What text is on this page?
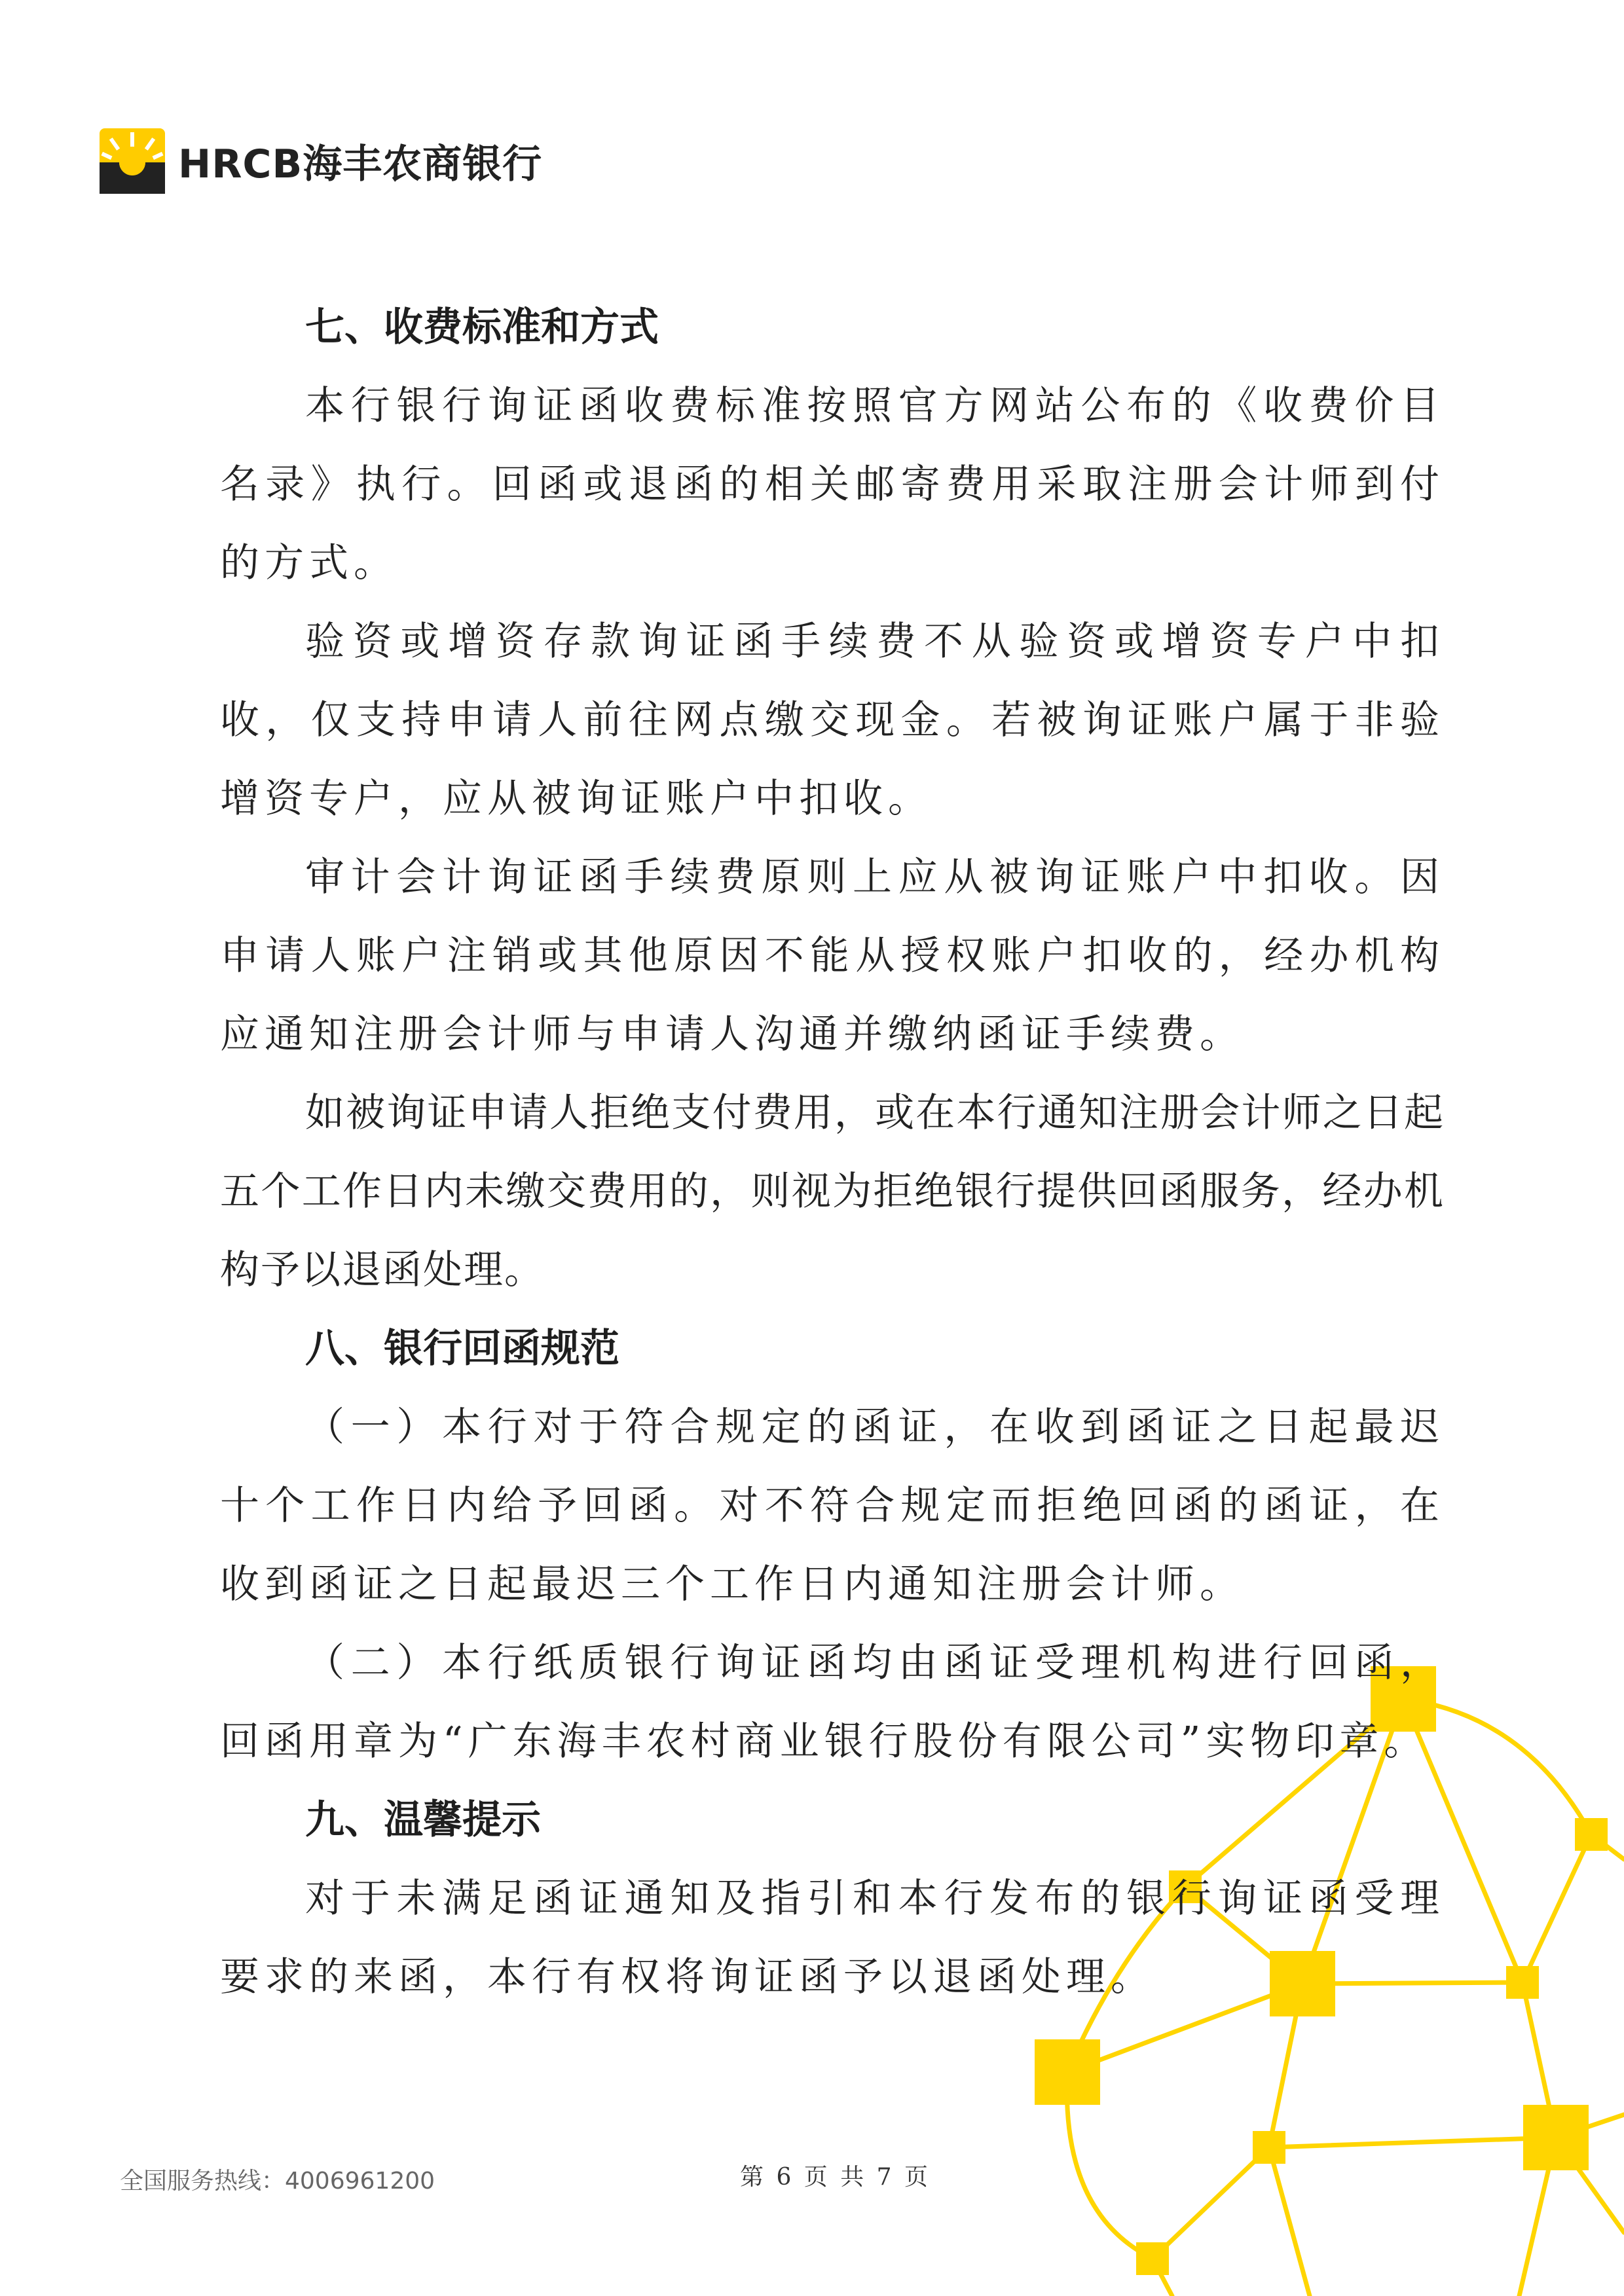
HRCB海丰农商银行
七、收费标准和方式

本行银行询证函收费标准按照官方网站公布的《收费价目名录》执行。回函或退函的相关邮寄费用采取注册会计师到付的方式。

验资或增资存款询证函手续费不从验资或增资专户中扣收，仅支持申请人前往网点缴交现金。若被询证账户属于非验增资专户，应从被询证账户中扣收。

审计会计询证函手续费原则上应从被询证账户中扣收。因申请人账户注销或其他原因不能从授权账户扣收的，经办机构应通知注册会计师与申请人沟通并缴纳函证手续费。

如被询证申请人拒绝支付费用，或在本行通知注册会计师之日起五个工作日内未缴交费用的，则视为拒绝银行提供回函服务，经办机构予以退函处理。

八、银行回函规范

（一）本行对于符合规定的函证，在收到函证之日起最迟十个工作日内给予回函。对不符合规定而拒绝回函的函证，在收到函证之日起最迟三个工作日内通知注册会计师。

（二）本行纸质银行询证函均由函证受理机构进行回函，回函用章为“广东海丰农村商业银行股份有限公司”实物印章。

九、温馨提示

对于未满足函证通知及指引和本行发布的银行询证函受理要求的来函，本行有权将询证函予以退函处理。

全国服务热线：4006961200	第 6 页 共 7 页
